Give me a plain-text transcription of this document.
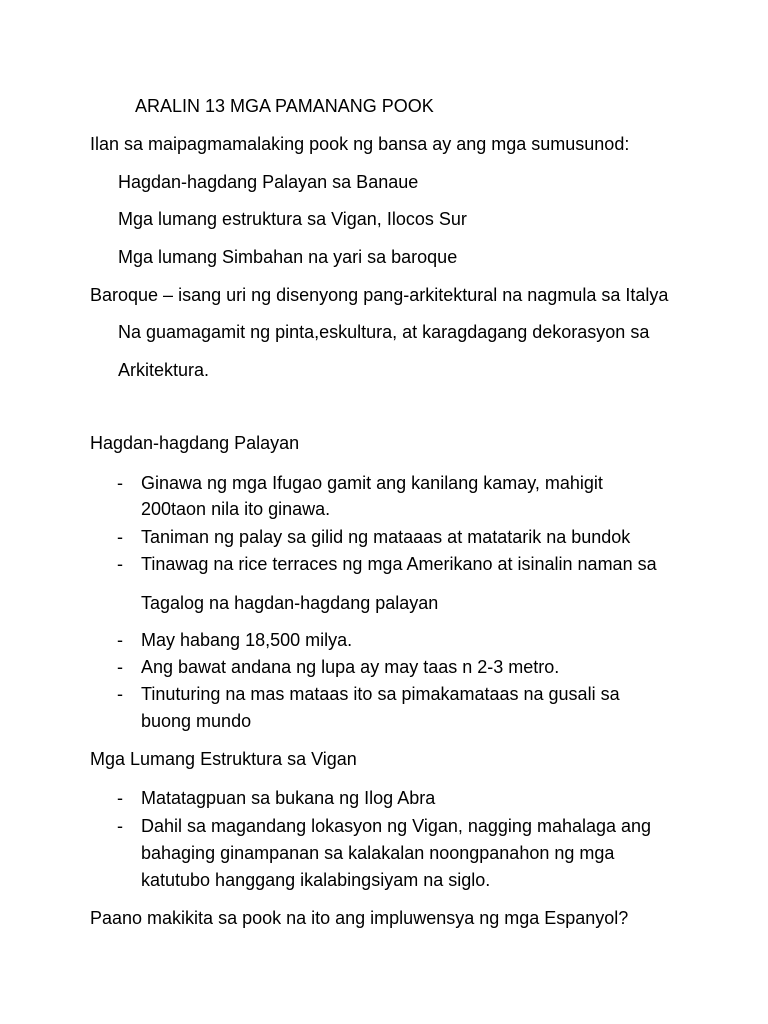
ARALIN 13 MGA PAMANANG POOK
Ilan sa maipagmamalaking pook ng bansa ay ang mga sumusunod:
Hagdan-hagdang Palayan sa Banaue
Mga lumang estruktura sa Vigan, Ilocos Sur
Mga lumang Simbahan na yari sa baroque
Baroque – isang uri ng disenyong pang-arkitektural na nagmula sa Italya
Na guamagamit ng pinta,eskultura, at karagdagang dekorasyon sa
Arkitektura.
Hagdan-hagdang Palayan
- Ginawa ng mga Ifugao gamit ang kanilang kamay, mahigit
200taon nila ito ginawa.
- Taniman ng palay sa gilid ng mataaas at matatarik na bundok
- Tinawag na rice terraces ng mga Amerikano at isinalin naman sa
Tagalog na hagdan-hagdang palayan
- May habang 18,500 milya.
- Ang bawat andana ng lupa ay may taas n 2-3 metro.
- Tinuturing na mas mataas ito sa pimakamataas na gusali sa
buong mundo
Mga Lumang Estruktura sa Vigan
- Matatagpuan sa bukana ng Ilog Abra
- Dahil sa magandang lokasyon ng Vigan, nagging mahalaga ang
bahaging ginampanan sa kalakalan noongpanahon ng mga
katutubo hanggang ikalabingsiyam na siglo.
Paano makikita sa pook na ito ang impluwensya ng mga Espanyol?
